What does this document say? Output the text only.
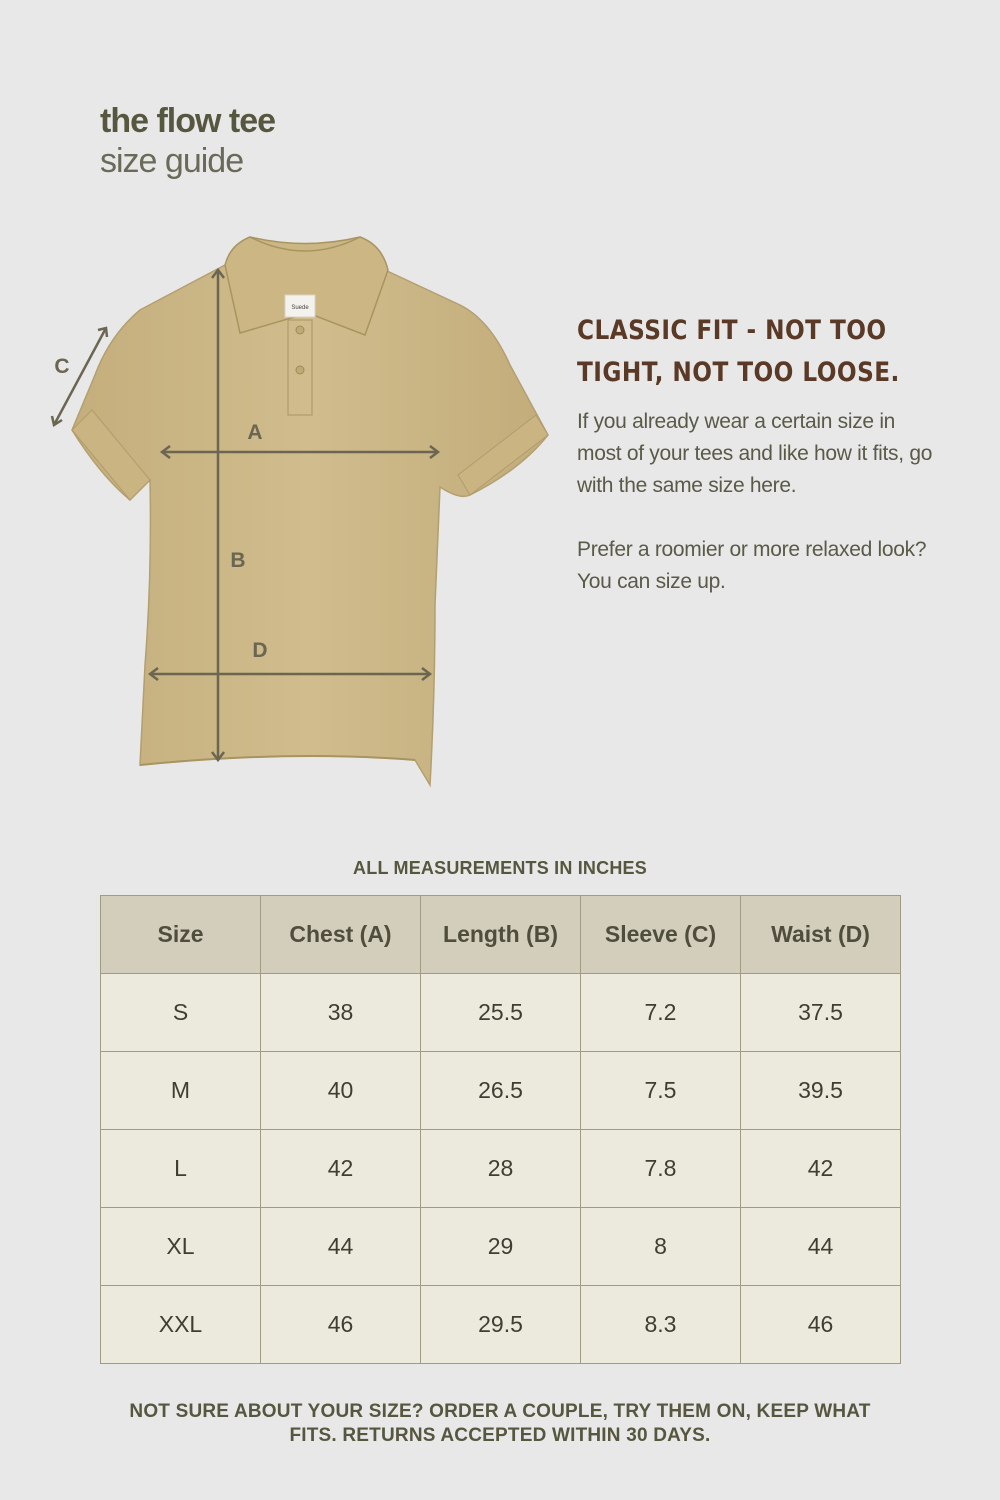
the flow tee
size guide
Suede
A
B
C
D
CLASSIC FIT - NOT TOO TIGHT, NOT TOO LOOSE.

If you already wear a certain size in most of your tees and like how it fits, go with the same size here.

Prefer a roomier or more relaxed look? You can size up.

ALL MEASUREMENTS IN INCHES
Size	Chest (A)	Length (B)	Sleeve (C)	Waist (D)
S	38	25.5	7.2	37.5
M	40	26.5	7.5	39.5
L	42	28	7.8	42
XL	44	29	8	44
XXL	46	29.5	8.3	46
NOT SURE ABOUT YOUR SIZE? ORDER A COUPLE, TRY THEM ON, KEEP WHAT FITS. RETURNS ACCEPTED WITHIN 30 DAYS.
